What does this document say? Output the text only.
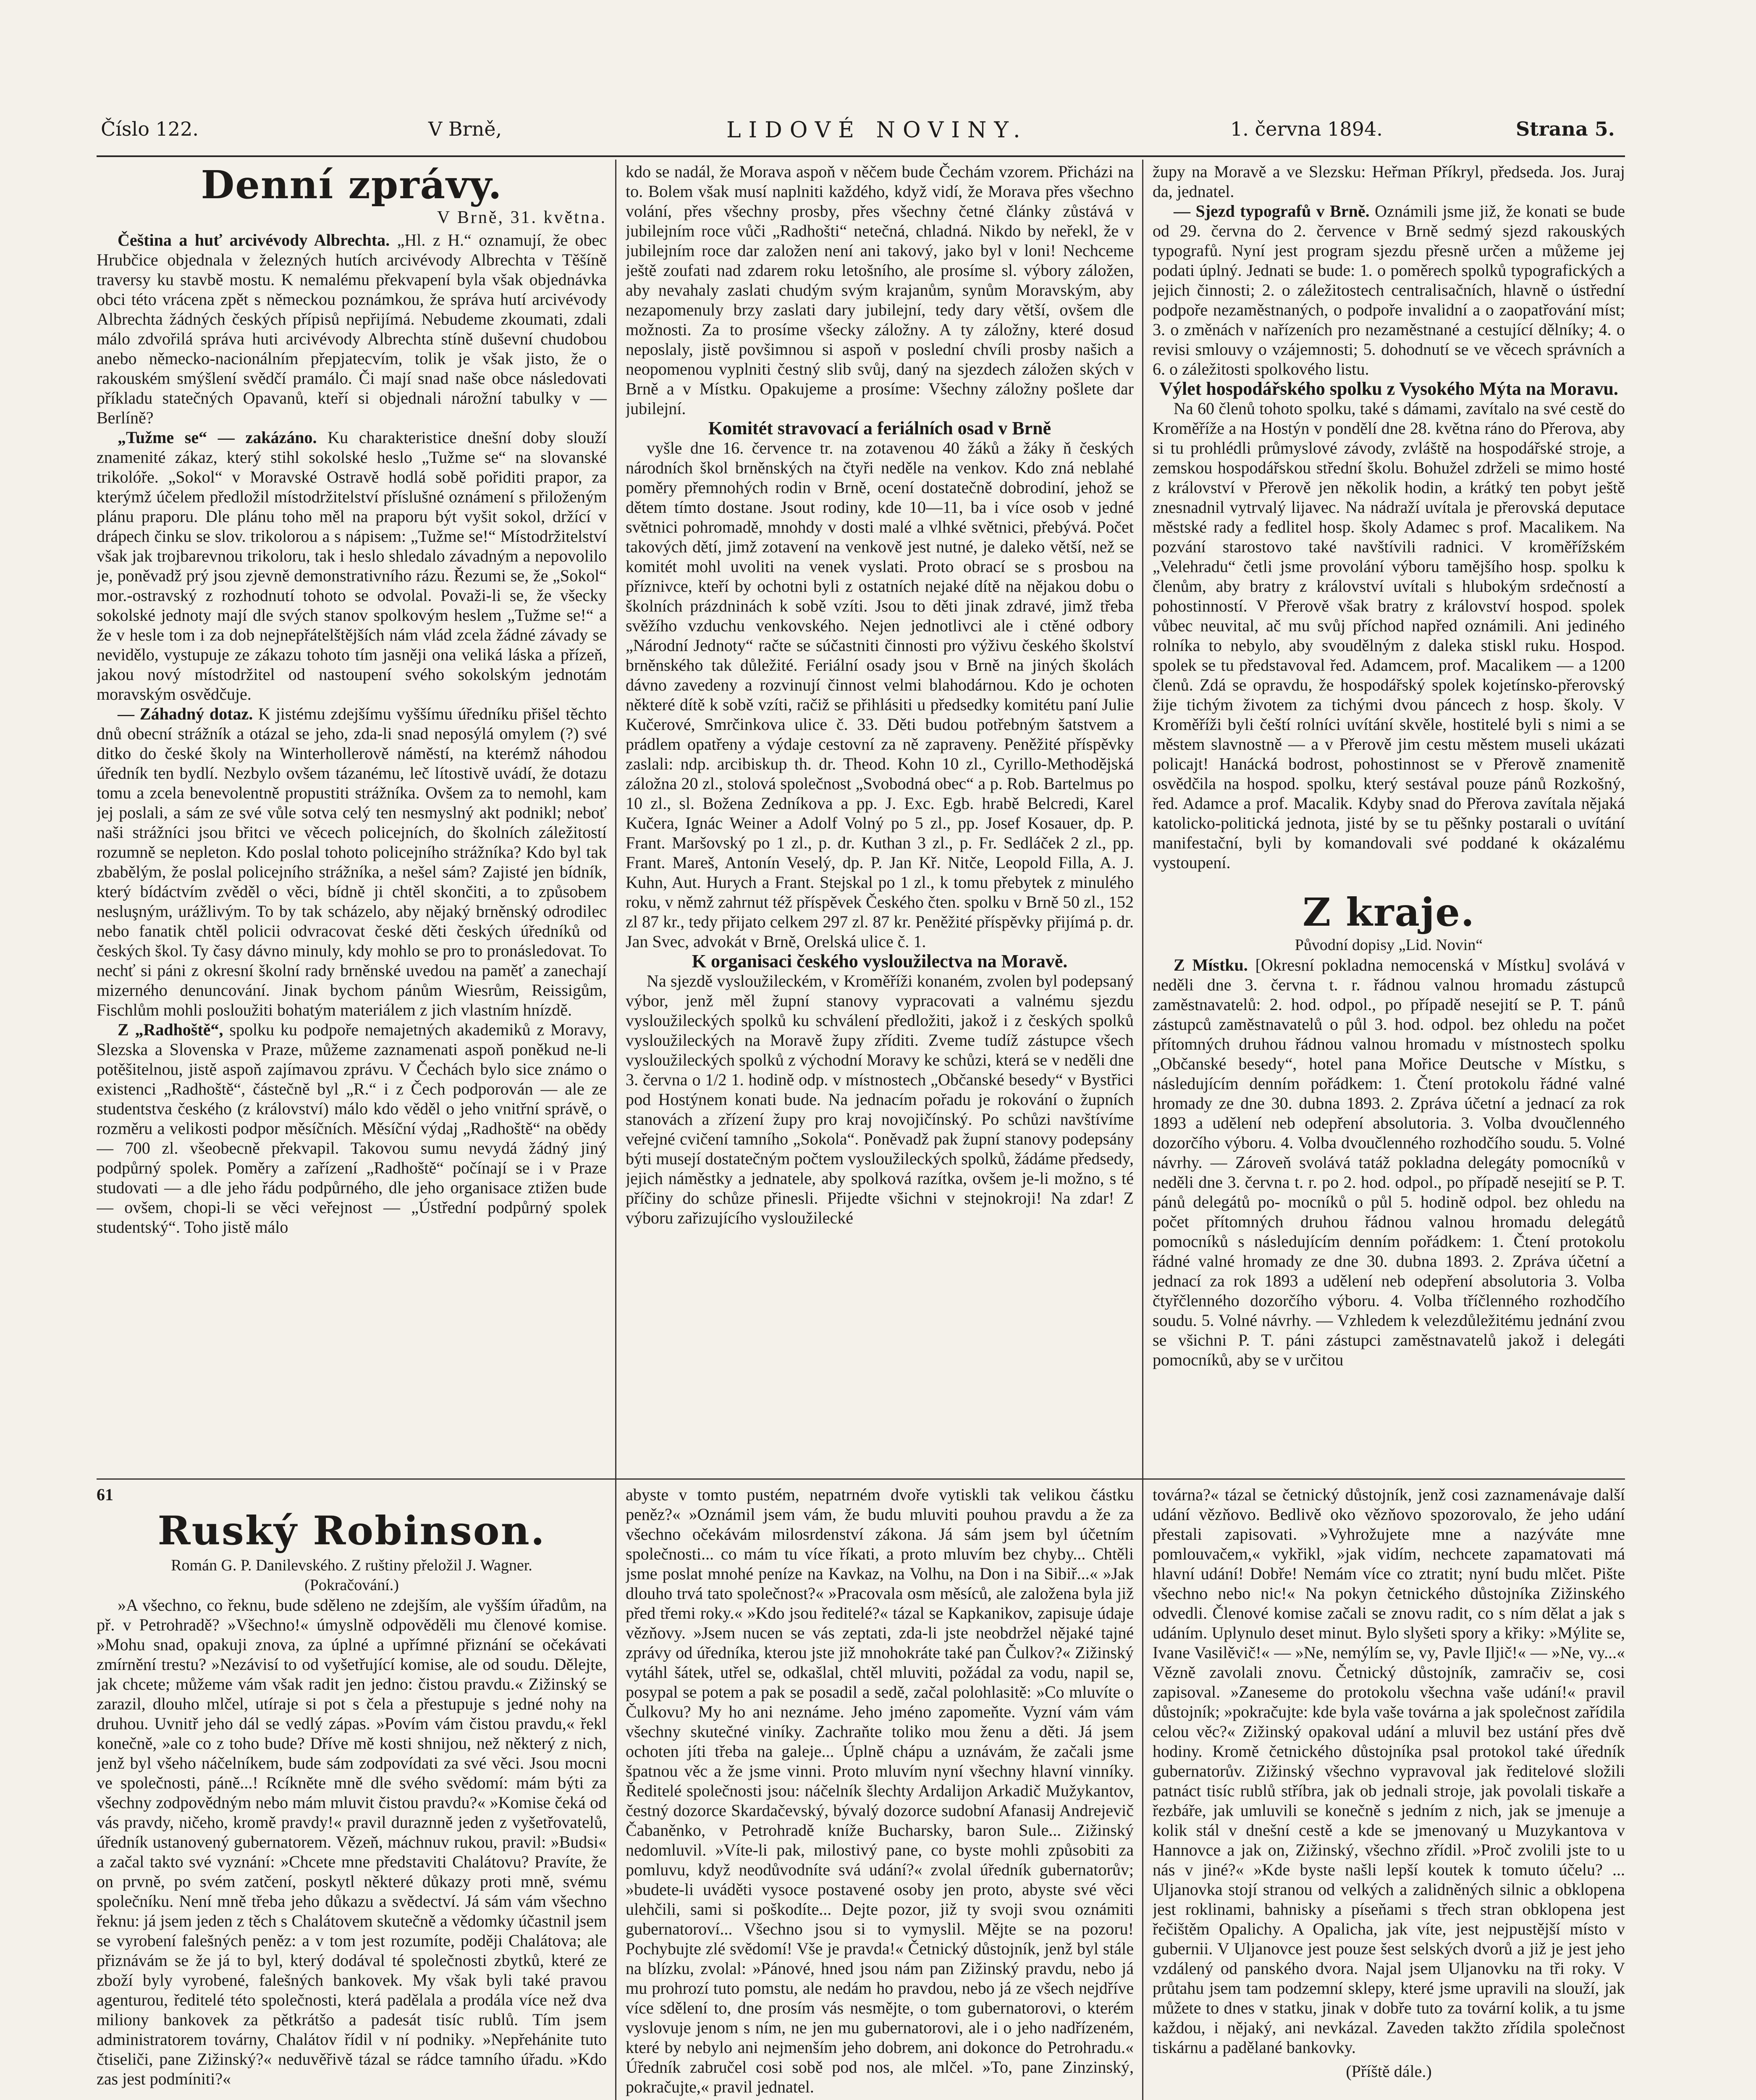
Číslo 122.	V Brně,	LIDOVÉ NOVINY.	1. června 1894.	Strana 5.
Denní zprávy.
V Brně, 31. května.

Čeština a huť arcivévody Albrechta. „Hl. z H.“ oznamují, že obec Hrubčice objednala v železných hutích arcivévody Albrechta v Těšíně traversy ku stavbě mostu. K nemalému překvapení byla však objednávka obci této vrácena zpět s německou poznámkou, že správa hutí arcivévody Albrechta žádných českých přípisů nepřijímá. Nebudeme zkoumati, zdali málo zdvořilá správa huti arcivévody Albrechta stíně duševní chudobou anebo německo-nacionálním přepjatecvím, tolik je však jisto, že o rakouském smýšlení svědčí pramálo. Či mají snad naše obce následovati příkladu statečných Opavanů, kteří si objednali nárožní tabulky v — Berlíně?

„Tužme se“ — zakázáno. Ku charakteristice dnešní doby slouží znamenité zákaz, který stihl sokolské heslo „Tužme se“ na slovanské trikolóře. „Sokol“ v Moravské Ostravě hodlá sobě pořiditi prapor, za kterýmž účelem předložil místodržitelství příslušné oznámení s přiloženým plánu praporu. Dle plánu toho měl na praporu být vyšit sokol, držící v drápech činku se slov. trikolorou a s nápisem: „Tužme se!“ Místodržitelství však jak trojbarevnou trikoloru, tak i heslo shledalo závadným a nepovolilo je, poněvadž prý jsou zjevně demonstrativního rázu. Řezumi se, že „Sokol“ mor.-ostravský z rozhodnutí tohoto se odvolal. Považi-li se, že všecky sokolské jednoty mají dle svých stanov spolkovým heslem „Tužme se!“ a že v hesle tom i za dob nejnepřátelštějších nám vlád zcela žádné závady se nevidělo, vystupuje ze zákazu tohoto tím jasněji ona veliká láska a přízeň, jakou nový místodržitel od nastoupení svého sokolským jednotám moravským osvědčuje.

— Záhadný dotaz. K jistému zdejšímu vyššímu úředníku přišel těchto dnů obecní strážník a otázal se jeho, zda-li snad neposýlá omylem (?) své ditko do české školy na Winterhollerově náměstí, na kterémž náhodou úředník ten bydlí. Nezbylo ovšem tázanému, leč lítostivě uvádí, že dotazu tomu a zcela benevolentně propustiti strážníka. Ovšem za to nemohl, kam jej poslali, a sám ze své vůle sotva celý ten nesmyslný akt podnikl; neboť naši strážníci jsou břitci ve věcech policejních, do školních záležitostí rozumně se nepleton. Kdo poslal tohoto policejního strážníka? Kdo byl tak zbabělým, že poslal policejního strážníka, a nešel sám? Zajisté jen bídník, který bídáctvím zvěděl o věci, bídně ji chtěl skončiti, a to způsobem nesluşným, urážlivým. To by tak scházelo, aby nějaký brněnský odrodilec nebo fanatik chtěl policii odvracovat české děti českých úředníků od českých škol. Ty časy dávno minuly, kdy mohlo se pro to pronásledovat. To nechť si páni z okresní školní rady brněnské uvedou na paměť a zanechají mizerného denuncování. Jinak bychom pánům Wiesrům, Reissigům, Fischlům mohli posloužiti bohatým materiálem z jich vlastním hnízdě.

Z „Radhoště“, spolku ku podpoře nemajetných akademiků z Moravy, Slezska a Slovenska v Praze, můžeme zaznamenati aspoň poněkud ne-li potěšitelnou, jistě aspoň zajímavou zprávu. V Čechách bylo sice známo o existenci „Radhoště“, částečně byl „R.“ i z Čech podporován — ale ze studentstva českého (z království) málo kdo věděl o jeho vnitřní správě, o rozměru a velikosti podpor měsíčních. Měsíční výdaj „Radhoště“ na obědy — 700 zl. všeobecně překvapil. Takovou sumu nevydá žádný jiný podpůrný spolek. Poměry a zařízení „Radhoště“ počínají se i v Praze studovati — a dle jeho řádu podpůrného, dle jeho organisace ztižen bude — ovšem, chopi-li se věci veřejnost — „Ústřední podpůrný spolek studentský“. Toho jistě málo

kdo se nadál, že Morava aspoň v něčem bude Čechám vzorem. Přicházi na to. Bolem však musí naplniti každého, když vidí, že Morava přes všechno volání, přes všechny prosby, přes všechny četné články zůstává v jubilejním roce vůči „Radhošti“ netečná, chladná. Nikdo by neřekl, že v jubilejním roce dar založen není ani takový, jako byl v loni! Nechceme ještě zoufati nad zdarem roku letošního, ale prosíme sl. výbory záložen, aby nevahaly zaslati chudým svým krajanům, synům Moravským, aby nezapomenuly brzy zaslati dary jubilejní, tedy dary větší, ovšem dle možnosti. Za to prosíme všecky záložny. A ty záložny, které dosud neposlaly, jistě povšimnou si aspoň v poslední chvíli prosby našich a neopomenou vyplniti čestný slib svůj, daný na sjezdech záložen ských v Brně a v Místku. Opakujeme a prosíme: Všechny záložny pošlete dar jubilejní.

Komitét stravovací a feriálních osad v Brně

vyšle dne 16. července tr. na zotavenou 40 žáků a žáky ň českých národních škol brněnských na čtyři neděle na venkov. Kdo zná neblahé poměry přemnohých rodin v Brně, ocení dostatečně dobrodiní, jehož se dětem tímto dostane. Jsout rodiny, kde 10—11, ba i více osob v jedné světnici pohromadě, mnohdy v dosti malé a vlhké světnici, přebývá. Počet takových dětí, jimž zotavení na venkově jest nutné, je daleko větší, než se komitét mohl uvoliti na venek vyslati. Proto obrací se s prosbou na příznivce, kteří by ochotni byli z ostatních nejaké dítě na nějakou dobu o školních prázdninách k sobě vzíti. Jsou to děti jinak zdravé, jimž třeba svěžího vzduchu venkovského. Nejen jednotlivci ale i ctěné odbory „Národní Jednoty“ račte se súčastniti činnosti pro výživu českého školství brněnského tak důležité. Feriální osady jsou v Brně na jiných školách dávno zavedeny a rozvinují činnost velmi blahodárnou. Kdo je ochoten některé dítě k sobě vzíti, račiž se přihlásiti u předsedky komitétu paní Julie Kučerové, Smrčinkova ulice č. 33. Děti budou potřebným šatstvem a prádlem opatřeny a výdaje cestovní za ně zapraveny. Peněžité příspěvky zaslali: ndp. arcibiskup th. dr. Theod. Kohn 10 zl., Cyrillo-Methodějská záložna 20 zl., stolová společnost „Svobodná obec“ a p. Rob. Bartelmus po 10 zl., sl. Božena Zedníkova a pp. J. Exc. Egb. hrabě Belcredi, Karel Kučera, Ignác Weiner a Adolf Volný po 5 zl., pp. Josef Kosauer, dp. P. Frant. Maršovský po 1 zl., p. dr. Kuthan 3 zl., p. Fr. Sedláček 2 zl., pp. Frant. Mareš, Antonín Veselý, dp. P. Jan Kř. Nitče, Leopold Filla, A. J. Kuhn, Aut. Hurych a Frant. Stejskal po 1 zl., k tomu přebytek z minulého roku, v němž zahrnut též příspěvek Českého čten. spolku v Brně 50 zl., 152 zl 87 kr., tedy přijato celkem 297 zl. 87 kr. Peněžité příspěvky přijímá p. dr. Jan Svec, advokát v Brně, Orelská ulice č. 1.

K organisaci českého vysloužilectva na Moravě.

Na sjezdě vysloužileckém, v Kroměříži konaném, zvolen byl podepsaný výbor, jenž měl župní stanovy vypracovati a valnému sjezdu vysloužileckých spolků ku schválení předložiti, jakož i z českých spolků vysloužileckých na Moravě župy zříditi. Zveme tudíž zástupce všech vysloužileckých spolků z východní Moravy ke schůzi, která se v neděli dne 3. června o 1/2 1. hodině odp. v místnostech „Občanské besedy“ v Bystřici pod Hostýnem konati bude. Na jednacím pořadu je rokování o župních stanovách a zřízení župy pro kraj novojičínský. Po schůzi navštívíme veřejné cvičení tamního „Sokola“. Poněvadž pak župní stanovy podepsány býti musejí dostatečným počtem vysloužileckých spolků, žádáme předsedy, jejich náměstky a jednatele, aby spolková razítka, ovšem je-li možno, s té příčiny do schůze přinesli. Přijedte všichni v stejnokroji! Na zdar! Z výboru zařizujícího vysloužilecké

župy na Moravě a ve Slezsku: Heřman Příkryl, předseda. Jos. Juraj da, jednatel.

— Sjezd typografů v Brně. Oznámili jsme již, že konati se bude od 29. června do 2. července v Brně sedmý sjezd rakouských typografů. Nyní jest program sjezdu přesně určen a můžeme jej podati úplný. Jednati se bude: 1. o poměrech spolků typografických a jejich činnosti; 2. o záležitostech centralisačních, hlavně o ústřední podpoře nezaměstnaných, o podpoře invalidní a o zaopatřování míst; 3. o změnách v nařízeních pro nezaměstnané a cestující dělníky; 4. o revisi smlouvy o vzájemnosti; 5. dohodnutí se ve věcech správních a 6. o záležitosti spolkového listu.

Výlet hospodářského spolku z Vysokého Mýta na Moravu.

Na 60 členů tohoto spolku, také s dámami, zavítalo na své cestě do Kroměříže a na Hostýn v pondělí dne 28. května ráno do Přerova, aby si tu prohlédli průmyslové závody, zvláště na hospodářské stroje, a zemskou hospodářskou střední školu. Bohužel zdrželi se mimo hosté z království v Přerově jen několik hodin, a krátký ten pobyt ještě znesnadnil vytrvalý lijavec. Na nádraží uvítala je přerovská deputace městské rady a fedlitel hosp. školy Adamec s prof. Macalikem. Na pozvání starostovo také navštívili radnici. V kroměřížském „Velehradu“ četli jsme provolání výboru tamějšího hosp. spolku k členům, aby bratry z království uvítali s hlubokým srdečností a pohostinností. V Přerově však bratry z království hospod. spolek vůbec neuvital, ač mu svůj příchod napřed oznámili. Ani jediného rolníka to nebylo, aby svoudělným z daleka stiskl ruku. Hospod. spolek se tu představoval řed. Adamcem, prof. Macalikem — a 1200 členů. Zdá se opravdu, že hospodářský spolek kojetínsko-přerovský žije tichým životem za tichými dvou páncech z hosp. školy. V Kroměříži byli čeští rolníci uvítání skvěle, hostitelé byli s nimi a se městem slavnostně — a v Přerově jim cestu městem museli ukázati policajt! Hanácká bodrost, pohostinnost se v Přerově znamenitě osvědčila na hospod. spolku, který sestával pouze pánů Rozkošný, řed. Adamce a prof. Macalik. Kdyby snad do Přerova zavítala nějaká katolicko-politická jednota, jisté by se tu pěšnky postarali o uvítání manifestační, byli by komandovali své poddané k okázalému vystoupení.

Z kraje.

Původní dopisy „Lid. Novin“

Z Místku. [Okresní pokladna nemocenská v Místku] svolává v neděli dne 3. června t. r. řádnou valnou hromadu zástupců zaměstnavatelů: 2. hod. odpol., po případě nesejití se P. T. pánů zástupců zaměstnavatelů o půl 3. hod. odpol. bez ohledu na počet přítomných druhou řádnou valnou hromadu v místnostech spolku „Občanské besedy“, hotel pana Mořice Deutsche v Místku, s následujícím denním pořádkem: 1. Čtení protokolu řádné valné hromady ze dne 30. dubna 1893. 2. Zpráva účetní a jednací za rok 1893 a udělení neb odepření absolutoria. 3. Volba dvoučlenného dozorčího výboru. 4. Volba dvoučlenného rozhodčího soudu. 5. Volné návrhy. — Zároveň svolává tatáž pokladna delegáty pomocníků v neděli dne 3. června t. r. po 2. hod. odpol., po případě nesejití se P. T. pánů delegátů po- mocníků o půl 5. hodině odpol. bez ohledu na počet přítomných druhou řádnou valnou hromadu delegátů pomocníků s následujícím denním pořádkem: 1. Čtení protokolu řádné valné hromady ze dne 30. dubna 1893. 2. Zpráva účetní a jednací za rok 1893 a udělení neb odepření absolutoria 3. Volba čtyřčlenného dozorčího výboru. 4. Volba tříčlenného rozhodčího soudu. 5. Volné návrhy. — Vzhledem k velezdůležitému jednání zvou se všichni P. T. páni zástupci zaměstnavatelů jakož i delegáti pomocníků, aby se v určitou

61

Ruský Robinson.

Román G. P. Danilevského. Z ruštiny přeložil J. Wagner.

(Pokračování.)

»A všechno, co řeknu, bude sděleno ne zdejším, ale vyšším úřadům, na př. v Petrohradě? »Všechno!« úmyslně odpověděli mu členové komise. »Mohu snad, opakuji znova, za úplné a upřímné přiznání se očekávati zmírnění trestu? »Nezávisí to od vyšetřující komise, ale od soudu. Dělejte, jak chcete; můžeme vám však radit jen jedno: čistou pravdu.« Zižinský se zarazil, dlouho mlčel, utíraje si pot s čela a přestupuje s jedné nohy na druhou. Uvnitř jeho dál se vedlý zápas. »Povím vám čistou pravdu,« řekl konečně, »ale co z toho bude? Dříve mě kosti shnijou, než některý z nich, jenž byl všeho náčelníkem, bude sám zodpovídati za své věci. Jsou mocni ve společnosti, páně...! Rcíkněte mně dle svého svědomí: mám býti za všechny zodpovědným nebo mám mluvit čistou pravdu?« »Komise čeká od vás pravdy, ničeho, kromě pravdy!« pravil duraznně jeden z vyšetřovatelů, úředník ustanovený gubernatorem. Vězeň, máchnuv rukou, pravil: »Budsi« a začal takto své vyznání: »Chcete mne představiti Chalátovu? Pravíte, že on prvně, po svém zatčení, poskytl některé důkazy proti mně, svému společníku. Není mně třeba jeho důkazu a svědectví. Já sám vám všechno řeknu: já jsem jeden z těch s Chalátovem skutečně a vědomky účastnil jsem se vyrobení falešných peněz: a v tom jest rozumíte, poději Chalátova; ale přiznávám se že já to byl, který dodával té společnosti zbytků, které ze zboží byly vyrobené, falešných bankovek. My však byli také pravou agenturou, ředitelé této společnosti, která padělala a prodála více než dva miliony bankovek za pětkrátšo a padesát tisíc rublů. Tím jsem administratorem továrny, Chalátov řídil v ní podniky. »Nepřehánite tuto čtiseliči, pane Zižinský?« neduvěřivě tázal se rádce tamního úřadu. »Kdo zas jest podmíniti?«

abyste v tomto pustém, nepatrném dvoře vytiskli tak velikou částku peněz?« »Oznámil jsem vám, že budu mluviti pouhou pravdu a že za všechno očekávám milosrdenství zákona. Já sám jsem byl účetním společnosti... co mám tu více říkati, a proto mluvím bez chyby... Chtěli jsme poslat mnohé peníze na Kavkaz, na Volhu, na Don i na Sibiř...« »Jak dlouho trvá tato společnost?« »Pracovala osm měsíců, ale založena byla již před třemi roky.« »Kdo jsou ředitelé?« tázal se Kapkanikov, zapisuje údaje vězňovy. »Jsem nucen se vás zeptati, zda-li jste neobdržel nějaké tajné zprávy od úředníka, kterou jste již mnohokráte také pan Čulkov?« Zižinský vytáhl šátek, utřel se, odkašlal, chtěl mluviti, požádal za vodu, napil se, posypal se potem a pak se posadil a sedě, začal polohlasitě: »Co mluvíte o Čulkovu? My ho ani neznáme. Jeho jméno zapomeňte. Vyzní vám vám všechny skutečné viníky. Zachraňte toliko mou ženu a děti. Já jsem ochoten jíti třeba na galeje... Úplně chápu a uznávám, že začali jsme špatnou věc a že jsme vinni. Proto mluvím nyní všechny hlavní vinníky. Ředitelé společnosti jsou: náčelník šlechty Ardalijon Arkadič Mužykantov, čestný dozorce Skardačevský, bývalý dozorce sudobní Afanasij Andrejevič Čabaněnko, v Petrohradě kníže Bucharsky, baron Sule... Zižinský nedomluvil. »Víte-li pak, milostivý pane, co byste mohli způsobiti za pomluvu, když neodůvodníte svá udání?« zvolal úředník gubernatorův; »budete-li uváděti vysoce postavené osoby jen proto, abyste své věci ulehčili, sami si poškodíte... Dejte pozor, již ty svoji svou oznámiti gubernatoroví... Všechno jsou si to vymyslil. Mějte se na pozoru! Pochybujte zlé svědomí! Vše je pravda!« Četnický důstojník, jenž byl stále na blízku, zvolal: »Pánové, hned jsou nám pan Zižinský pravdu, nebo já mu prohrozí tuto pomstu, ale nedám ho pravdou, nebo já ze všech nejdříve více sdělení to, dne prosím vás nesmějte, o tom gubernatorovi, o kterém vyslovuje jenom s ním, ne jen mu gubernatorovi, ale i o jeho nadřízeném, které by nebylo ani nejmenším jeho dobrem, ani dokonce do Petrohradu.« Úředník zabručel cosi sobě pod nos, ale mlčel. »To, pane Zinzinský, pokračujte,« pravil jednatel.

továrna?« tázal se četnický důstojník, jenž cosi zaznamenávaje další udání vězňovo. Bedlivě oko vězňovo spozorovalo, že jeho udání přestali zapisovati. »Vyhrožujete mne a nazýváte mne pomlouvačem,« vykřikl, »jak vidím, nechcete zapamatovati má hlavní udání! Dobře! Nemám více co ztratit; nyní budu mlčet. Pište všechno nebo nic!« Na pokyn četnického důstojníka Zižinského odvedli. Členové komise začali se znovu radit, co s ním dělat a jak s udáním. Uplynulo deset minut. Bylo slyšeti spory a křiky: »Mýlite se, Ivane Vasilěvič!« — »Ne, nemýlím se, vy, Pavle Iljič!« — »Ne, vy...« Vězně zavolali znovu. Četnický důstojník, zamračiv se, cosi zapisoval. »Zaneseme do protokolu všechna vaše udání!« pravil důstojník; »pokračujte: kde byla vaše továrna a jak společnost zařídila celou věc?« Zižinský opakoval udání a mluvil bez ustání přes dvě hodiny. Kromě četnického důstojníka psal protokol také úředník gubernatorův. Zižinský všechno vypravoval jak ředitelové složili patnáct tisíc rublů stříbra, jak ob jednali stroje, jak povolali tiskaře a řezbáře, jak umluvili se konečně s jedním z nich, jak se jmenuje a kolik stál v dnešní cestě a kde se jmenovaný u Muzykantova v Hannovce a jak on, Zižinský, všechno zřídil. »Proč zvolili jste to u nás v jiné?« »Kde byste našli lepší koutek k tomuto účelu? ... Uljanovka stojí stranou od velkých a zalidněných silnic a obklopena jest roklinami, bahnisky a píseňami s třech stran obklopena jest řečištěm Opalichy. A Opalicha, jak víte, jest nejpustější místo v gubernii. V Uljanovce jest pouze šest selských dvorů a již je jest jeho vzdálený od panského dvora. Najal jsem Uljanovku na tři roky. V průtahu jsem tam podzemní sklepy, které jsme upravili na slouží, jak můžete to dnes v statku, jinak v dobře tuto za tovární kolik, a tu jsme každou, i nějaký, ani nevkázal. Zaveden takžto zřídila společnost tiskárnu a padělané bankovky.

(Příště dále.)
